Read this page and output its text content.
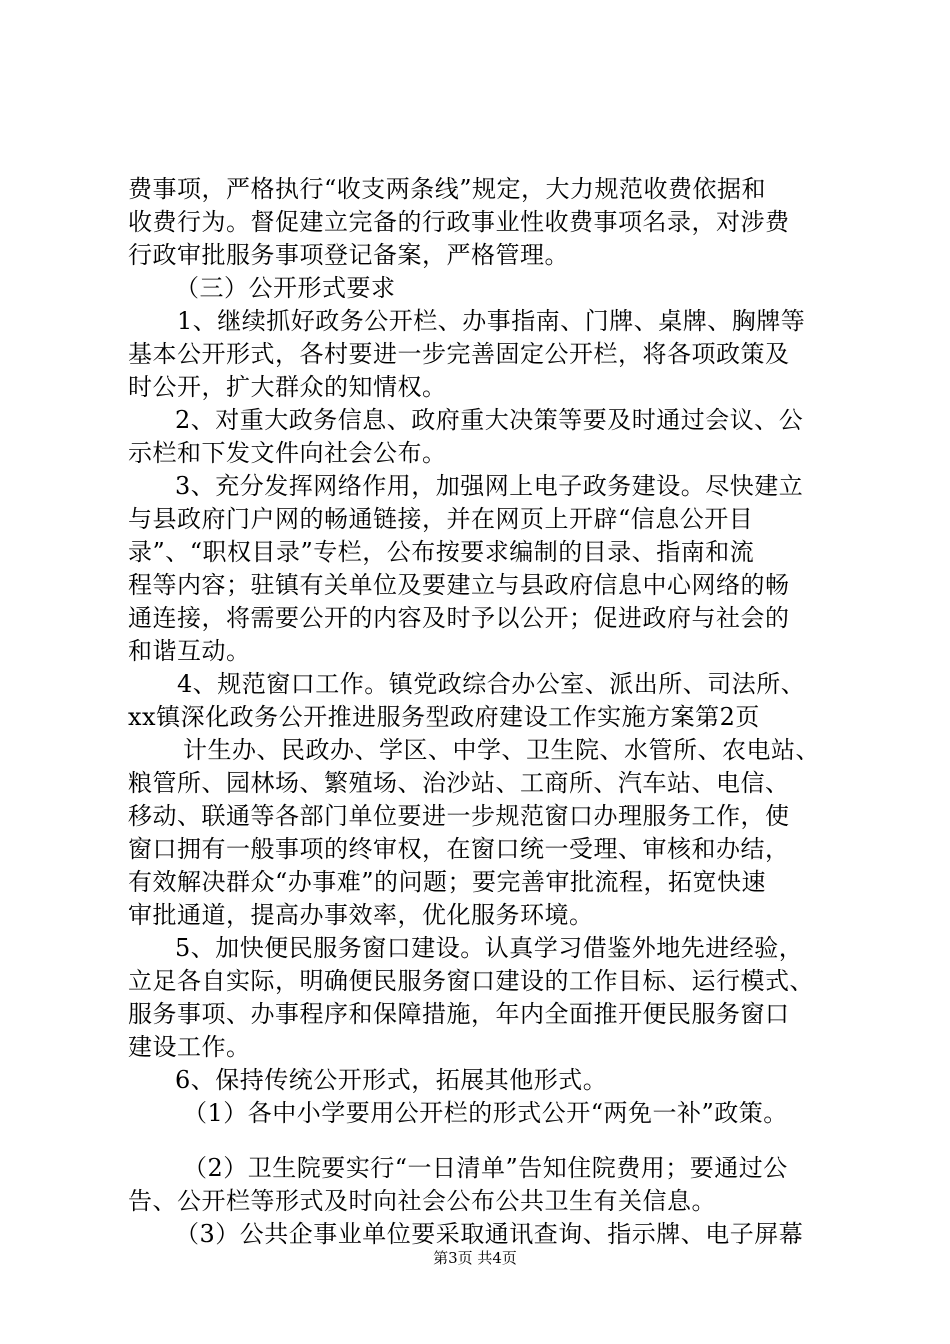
费事项，严格执行“收支两条线”规定，大力规范收费依据和
收费行为。督促建立完备的行政事业性收费事项名录，对涉费
行政审批服务事项登记备案，严格管理。
（三）公开形式要求
1、继续抓好政务公开栏、办事指南、门牌、桌牌、胸牌等
基本公开形式，各村要进一步完善固定公开栏，将各项政策及
时公开，扩大群众的知情权。
2、对重大政务信息、政府重大决策等要及时通过会议、公
示栏和下发文件向社会公布。
3、充分发挥网络作用，加强网上电子政务建设。尽快建立
与县政府门户网的畅通链接，并在网页上开辟“信息公开目
录”、“职权目录”专栏，公布按要求编制的目录、指南和流
程等内容；驻镇有关单位及要建立与县政府信息中心网络的畅
通连接，将需要公开的内容及时予以公开；促进政府与社会的
和谐互动。
4、规范窗口工作。镇党政综合办公室、派出所、司法所、
xx镇深化政务公开推进服务型政府建设工作实施方案第2页
计生办、民政办、学区、中学、卫生院、水管所、农电站、
粮管所、园林场、繁殖场、治沙站、工商所、汽车站、电信、
移动、联通等各部门单位要进一步规范窗口办理服务工作，使
窗口拥有一般事项的终审权，在窗口统一受理、审核和办结，
有效解决群众“办事难”的问题；要完善审批流程，拓宽快速
审批通道，提高办事效率，优化服务环境。
5、加快便民服务窗口建设。认真学习借鉴外地先进经验，
立足各自实际，明确便民服务窗口建设的工作目标、运行模式、
服务事项、办事程序和保障措施，年内全面推开便民服务窗口
建设工作。
6、保持传统公开形式，拓展其他形式。
（1）各中小学要用公开栏的形式公开“两免一补”政策。
（2）卫生院要实行“一日清单”告知住院费用；要通过公
告、公开栏等形式及时向社会公布公共卫生有关信息。
（3）公共企事业单位要采取通讯查询、指示牌、电子屏幕
第3页 共4页
